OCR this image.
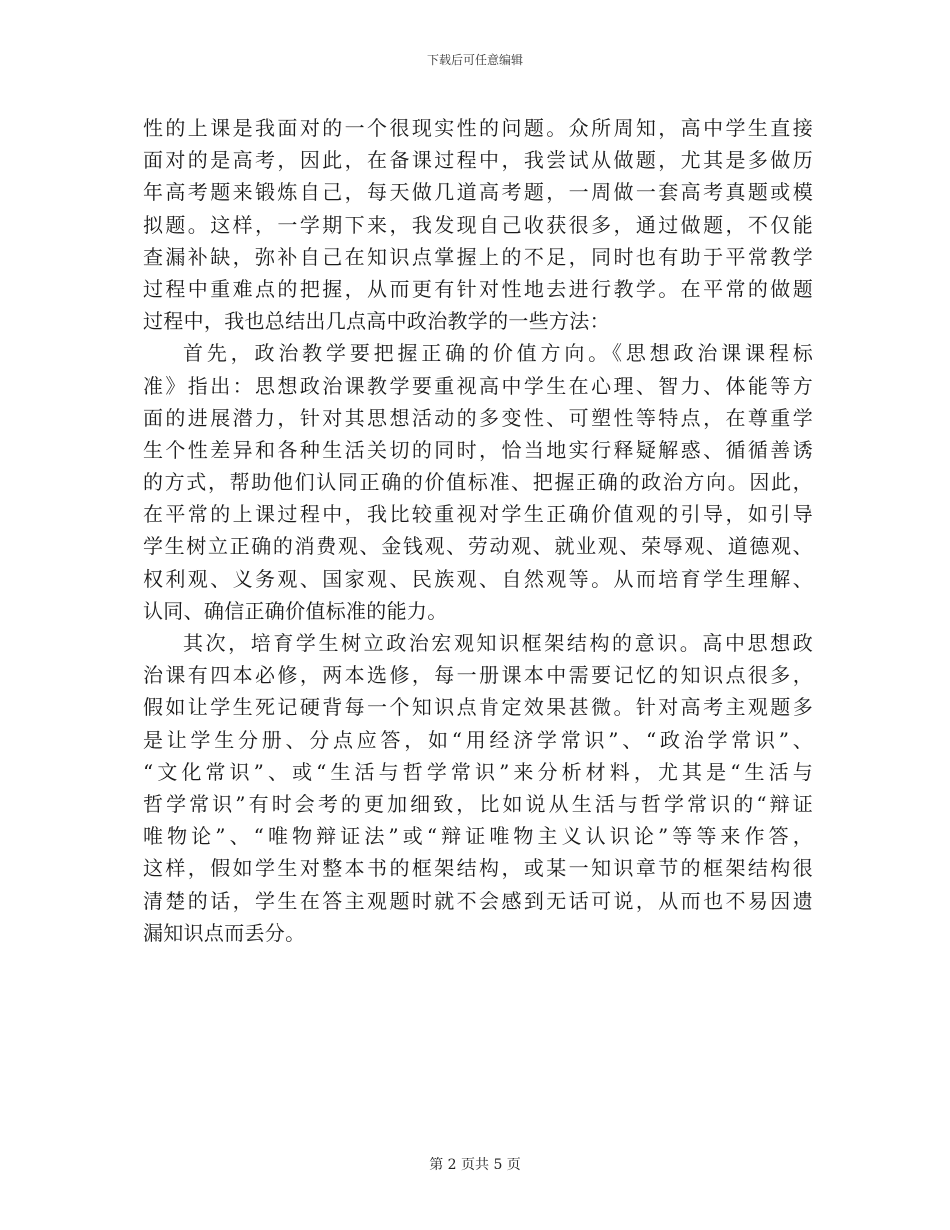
下载后可任意编辑
性的上课是我面对的一个很现实性的问题。众所周知，高中学生直接
面对的是高考，因此，在备课过程中，我尝试从做题，尤其是多做历
年高考题来锻炼自己，每天做几道高考题，一周做一套高考真题或模
拟题。这样，一学期下来，我发现自己收获很多，通过做题，不仅能
查漏补缺，弥补自己在知识点掌握上的不足，同时也有助于平常教学
过程中重难点的把握，从而更有针对性地去进行教学。在平常的做题
过程中，我也总结出几点高中政治教学的一些方法：
首先，政治教学要把握正确的价值方向。《思想政治课课程标
准》指出：思想政治课教学要重视高中学生在心理、智力、体能等方
面的进展潜力，针对其思想活动的多变性、可塑性等特点，在尊重学
生个性差异和各种生活关切的同时，恰当地实行释疑解惑、循循善诱
的方式，帮助他们认同正确的价值标准、把握正确的政治方向。因此，
在平常的上课过程中，我比较重视对学生正确价值观的引导，如引导
学生树立正确的消费观、金钱观、劳动观、就业观、荣辱观、道德观、
权利观、义务观、国家观、民族观、自然观等。从而培育学生理解、
认同、确信正确价值标准的能力。
其次，培育学生树立政治宏观知识框架结构的意识。高中思想政
治课有四本必修，两本选修，每一册课本中需要记忆的知识点很多，
假如让学生死记硬背每一个知识点肯定效果甚微。针对高考主观题多
是让学生分册、分点应答，如“用经济学常识”、“政治学常识”、
“文化常识”、或“生活与哲学常识”来分析材料，尤其是“生活与
哲学常识”有时会考的更加细致，比如说从生活与哲学常识的“辩证
唯物论”、“唯物辩证法”或“辩证唯物主义认识论”等等来作答，
这样，假如学生对整本书的框架结构，或某一知识章节的框架结构很
清楚的话，学生在答主观题时就不会感到无话可说，从而也不易因遗
漏知识点而丢分。
第 2 页共 5 页
